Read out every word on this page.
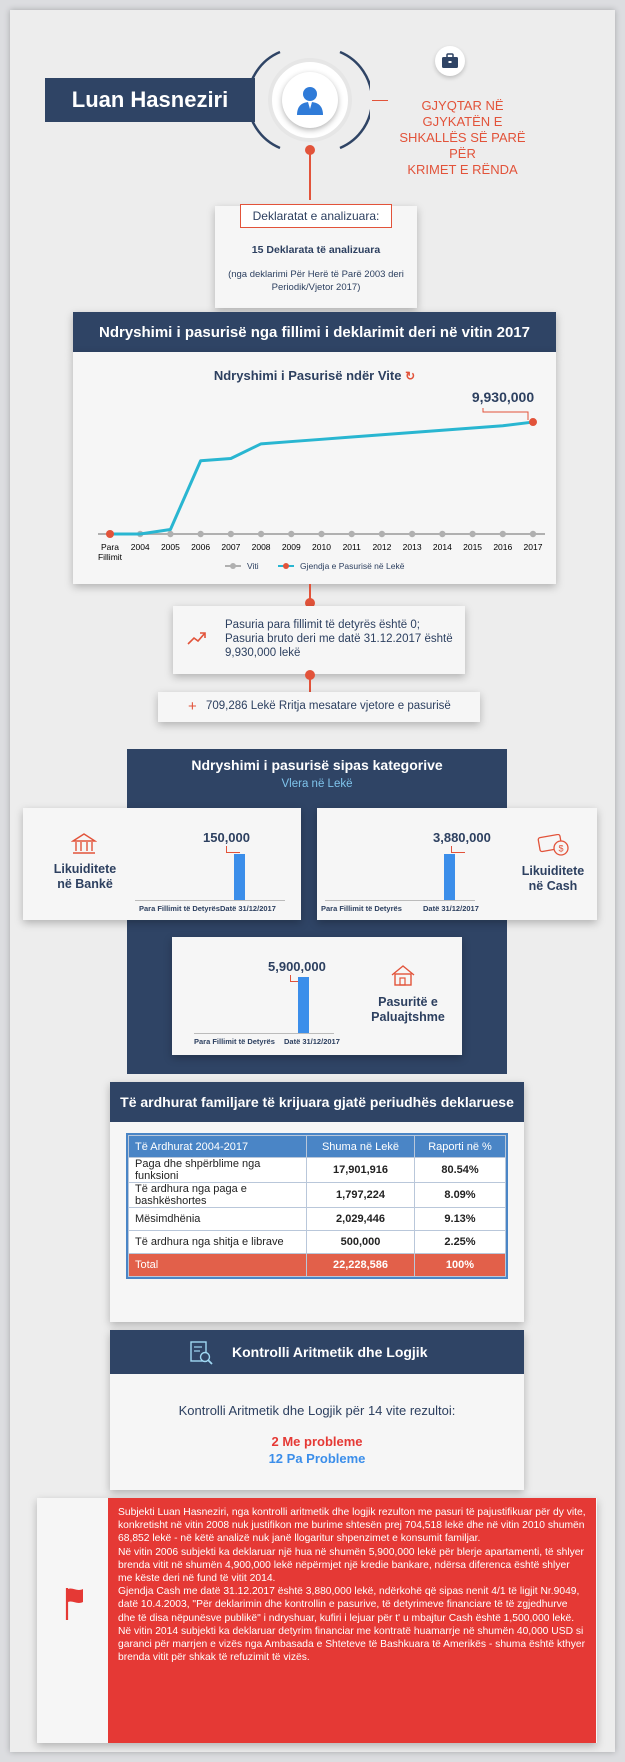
Luan Hasneziri	GJYQTAR NË GJYKATËN E
SHKALLËS SË PARË PËR
KRIMET E RËNDA
Deklaratat e analizuara:
15 Deklarata të analizuara
(nga deklarimi Për Herë të Parë 2003 deri
Periodik/Vjetor 2017)
Ndryshimi i pasurisë nga fillimi i deklarimit deri në vitin 2017
Ndryshimi i Pasurisë ndër Vite ↻
9,930,000
Para
Fillimit
2004 2005 2006 2007 2008 2009 2010 2011 2012 2013 2014 2015 2016 2017
Viti	Gjendja e Pasurisë në Lekë
Pasuria para fillimit të detyrës është 0;
Pasuria bruto deri me datë 31.12.2017 është
9,930,000 lekë
+ 709,286 Lekë Rritja mesatare vjetore e pasurisë
Ndryshimi i pasurisë sipas kategorive
Vlera në Lekë
Likuiditete
në Bankë
150,000
Para Fillimit të Detyrës Datë 31/12/2017
3,880,000
Para Fillimit të Detyrës	Datë 31/12/2017
$
Likuiditete
në Cash
5,900,000
Para Fillimit të Detyrës Datë 31/12/2017
Pasuritë e
Paluajtshme
Të ardhurat familjare të krijuara gjatë periudhës deklaruese
Të Ardhurat 2004-2017	Shuma në Lekë	Raporti në %
Paga dhe shpërblime nga funksioni	17,901,916	80.54%
Të ardhura nga paga e bashkëshortes	1,797,224	8.09%
Mësimdhënia	2,029,446	9.13%
Të ardhura nga shitja e librave	500,000	2.25%
Total	22,228,586	100%
Kontrolli Aritmetik dhe Logjik
Kontrolli Aritmetik dhe Logjik për 14 vite rezultoi:
2 Me probleme
12 Pa Probleme
Subjekti Luan Hasneziri, nga kontrolli aritmetik dhe logjik rezulton me pasuri të pajustifikuar për dy vite, konkretisht në vitin 2008 nuk justifikon me burime shtesën prej 704,518 lekë dhe në vitin 2010 shumën 68,852 lekë - në këtë analizë nuk janë llogaritur shpenzimet e konsumit familjar.
Në vitin 2006 subjekti ka deklaruar një hua në shumën 5,900,000 lekë për blerje apartamenti, të shlyer brenda vitit në shumën 4,900,000 lekë nëpërmjet një kredie bankare, ndërsa diferenca është shlyer me këste deri në fund të vitit 2014.
Gjendja Cash me datë 31.12.2017 është 3,880,000 lekë, ndërkohë që sipas nenit 4/1 të ligjit Nr.9049, datë 10.4.2003, "Për deklarimin dhe kontrollin e pasurive, të detyrimeve financiare të të zgjedhurve dhe të disa nëpunësve publikë" i ndryshuar, kufiri i lejuar për t' u mbajtur Cash është 1,500,000 lekë.
Në vitin 2014 subjekti ka deklaruar detyrim financiar me kontratë huamarrje në shumën 40,000 USD si garanci për marrjen e vizës nga Ambasada e Shteteve të Bashkuara të Amerikës - shuma është kthyer brenda vitit për shkak të refuzimit të vizës.
